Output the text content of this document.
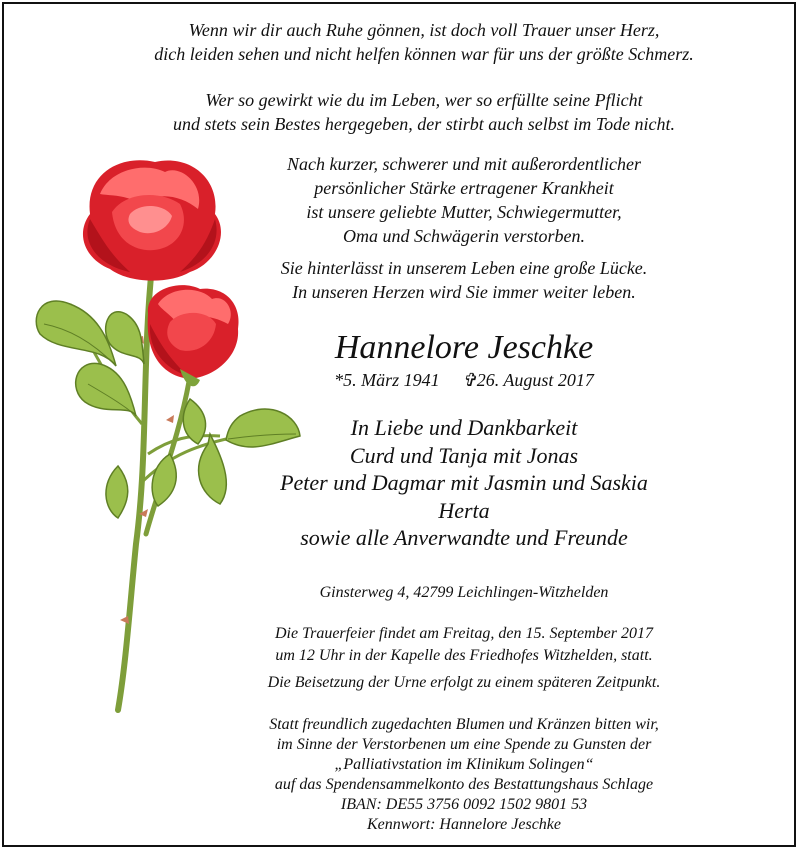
Wenn wir dir auch Ruhe gönnen, ist doch voll Trauer unser Herz,
dich leiden sehen und nicht helfen können war für uns der größte Schmerz.
Wer so gewirkt wie du im Leben, wer so erfüllte seine Pflicht
und stets sein Bestes hergegeben, der stirbt auch selbst im Tode nicht.
Nach kurzer, schwerer und mit außerordentlicher
persönlicher Stärke ertragener Krankheit
ist unsere geliebte Mutter, Schwiegermutter,
Oma und Schwägerin verstorben.
Sie hinterlässt in unserem Leben eine große Lücke.
In unseren Herzen wird Sie immer weiter leben.
Hannelore Jeschke
*5. März 1941 ✞26. August 2017
In Liebe und Dankbarkeit
Curd und Tanja mit Jonas
Peter und Dagmar mit Jasmin und Saskia
Herta
sowie alle Anverwandte und Freunde
Ginsterweg 4, 42799 Leichlingen-Witzhelden
Die Trauerfeier findet am Freitag, den 15. September 2017
um 12 Uhr in der Kapelle des Friedhofes Witzhelden, statt.
Die Beisetzung der Urne erfolgt zu einem späteren Zeitpunkt.
Statt freundlich zugedachten Blumen und Kränzen bitten wir,
im Sinne der Verstorbenen um eine Spende zu Gunsten der
„Palliativstation im Klinikum Solingen“
auf das Spendensammelkonto des Bestattungshaus Schlage
IBAN: DE55 3756 0092 1502 9801 53
Kennwort: Hannelore Jeschke
